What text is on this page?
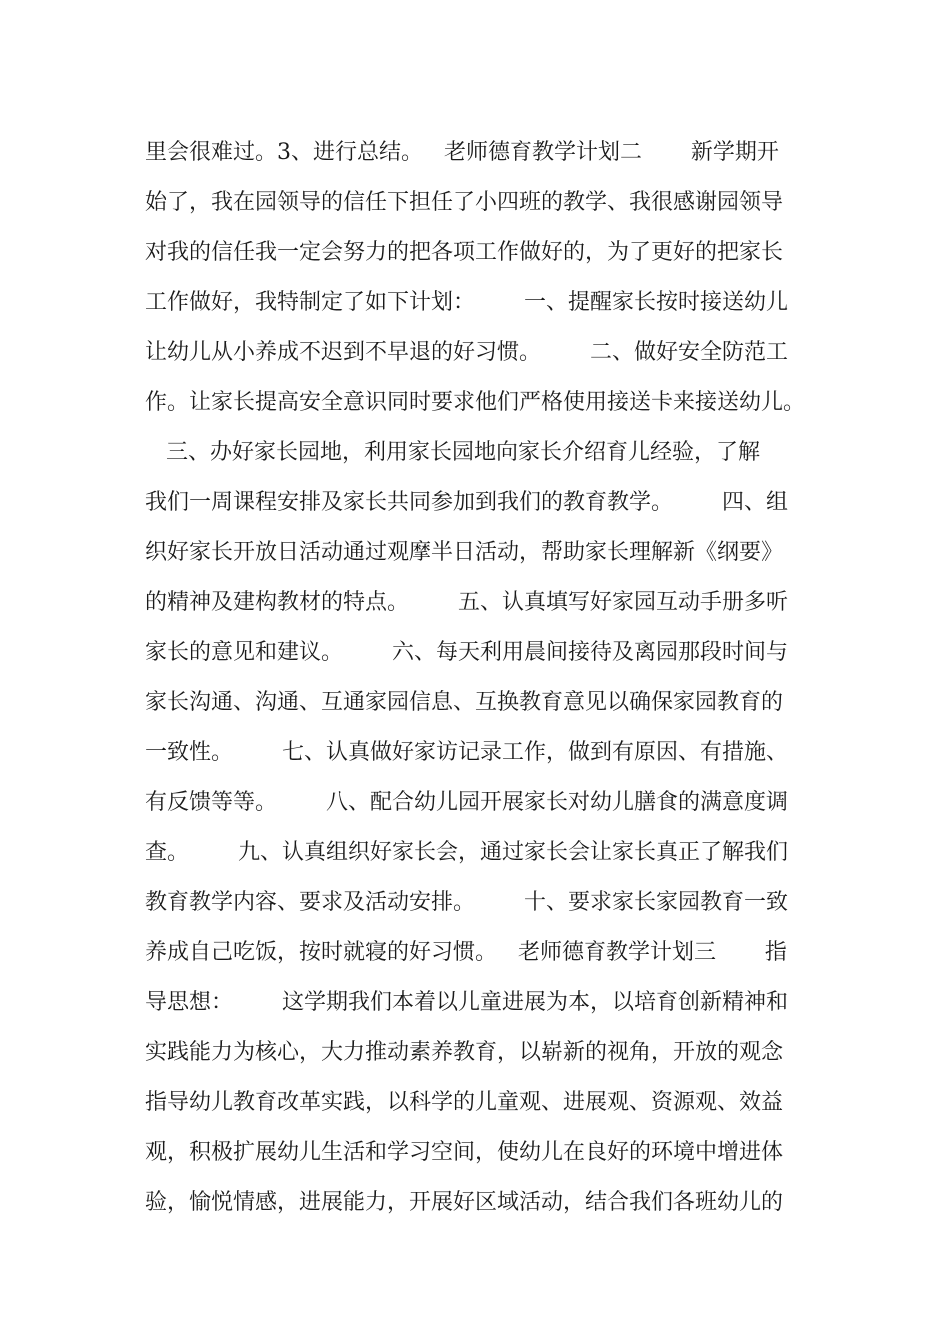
里会很难过。3、进行总结。   老师德育教学计划二       新学期开
始了，我在园领导的信任下担任了小四班的教学、我很感谢园领导
对我的信任我一定会努力的把各项工作做好的，为了更好的把家长
工作做好，我特制定了如下计划：       一、提醒家长按时接送幼儿
让幼儿从小养成不迟到不早退的好习惯。       二、做好安全防范工
作。让家长提高安全意识同时要求他们严格使用接送卡来接送幼儿。
三、办好家长园地，利用家长园地向家长介绍育儿经验，了解
我们一周课程安排及家长共同参加到我们的教育教学。       四、组
织好家长开放日活动通过观摩半日活动，帮助家长理解新《纲要》
的精神及建构教材的特点。       五、认真填写好家园互动手册多听
家长的意见和建议。       六、每天利用晨间接待及离园那段时间与
家长沟通、沟通、互通家园信息、互换教育意见以确保家园教育的
一致性。       七、认真做好家访记录工作，做到有原因、有措施、
有反馈等等。       八、配合幼儿园开展家长对幼儿膳食的满意度调
查。       九、认真组织好家长会，通过家长会让家长真正了解我们
教育教学内容、要求及活动安排。       十、要求家长家园教育一致
养成自己吃饭，按时就寝的好习惯。   老师德育教学计划三       指
导思想：       这学期我们本着以儿童进展为本，以培育创新精神和
实践能力为核心，大力推动素养教育，以崭新的视角，开放的观念
指导幼儿教育改革实践，以科学的儿童观、进展观、资源观、效益
观，积极扩展幼儿生活和学习空间，使幼儿在良好的环境中增进体
验，愉悦情感，进展能力，开展好区域活动，结合我们各班幼儿的
